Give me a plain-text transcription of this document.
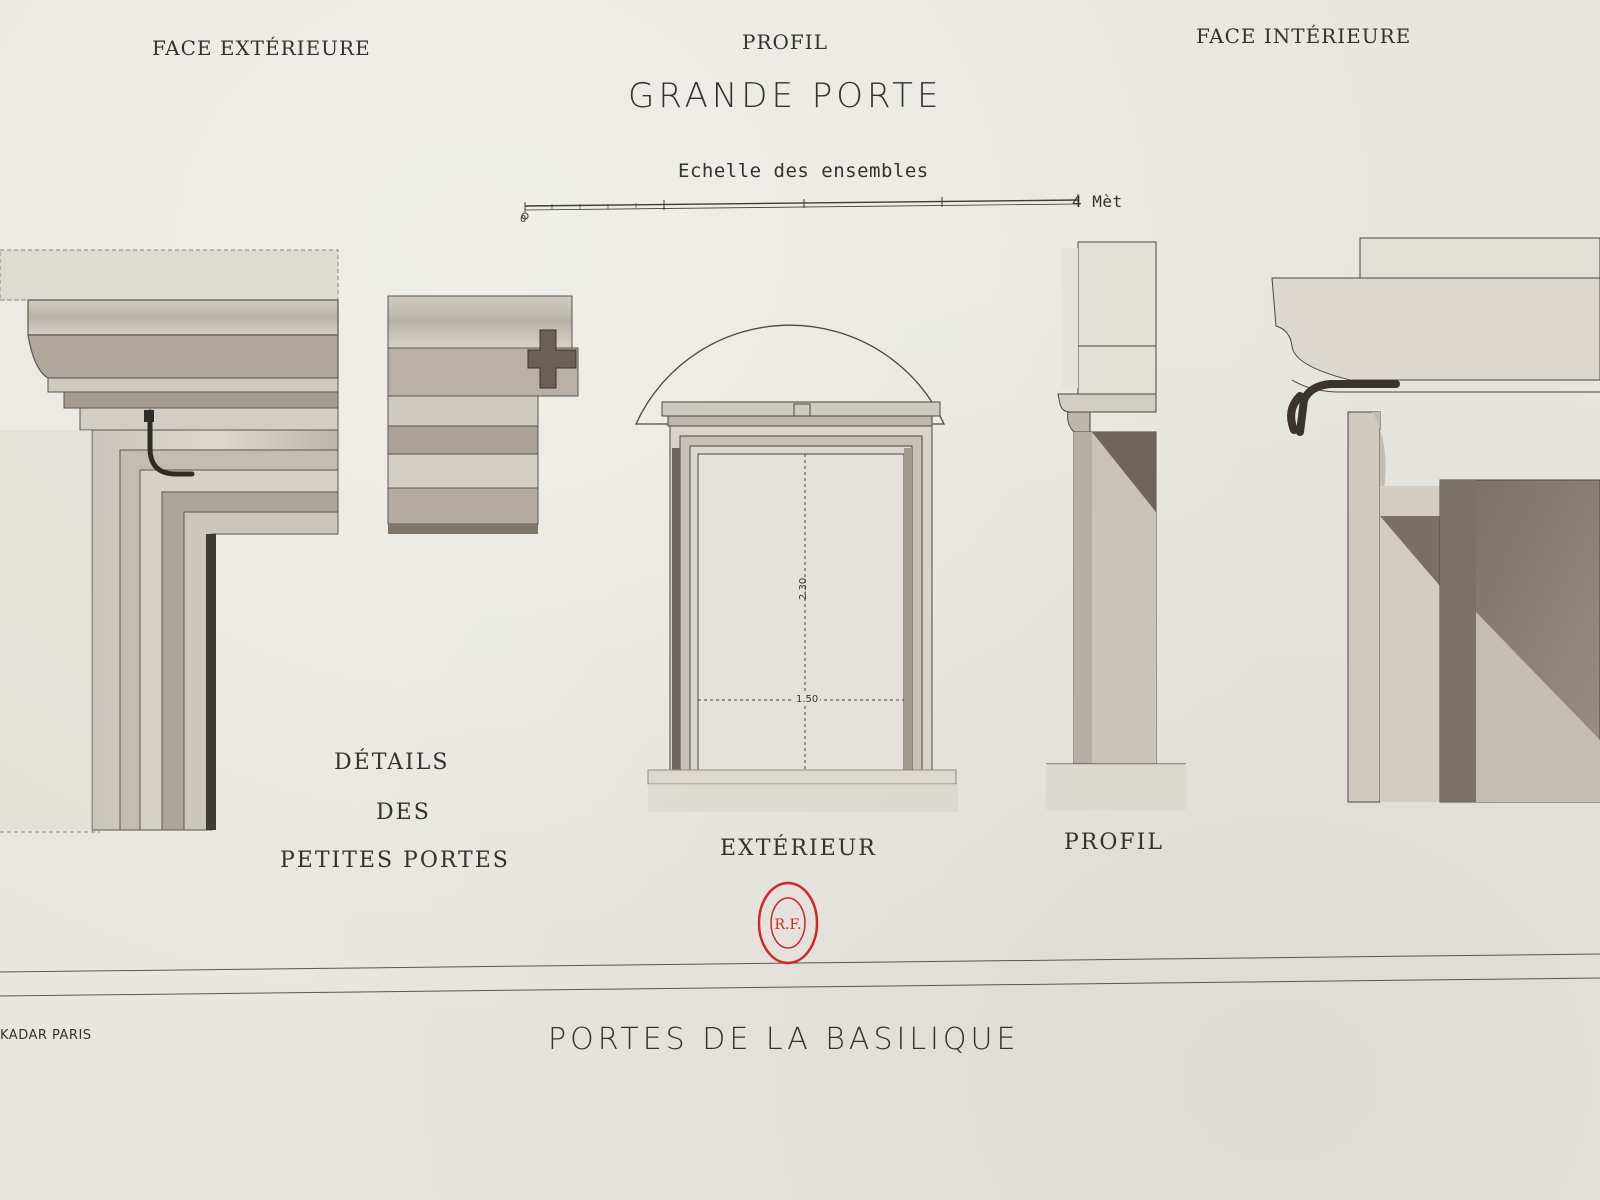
FACE EXTÉRIEURE	PROFIL	FACE INTÉRIEURE
GRANDE PORTE
Echelle des ensembles
0
4 Mèt
DÉTAILS
DES
PETITES PORTES	EXTÉRIEUR	PROFIL
2.30
1.50
KADAR PARIS	PORTES DE LA BASILIQUE
R.F.
